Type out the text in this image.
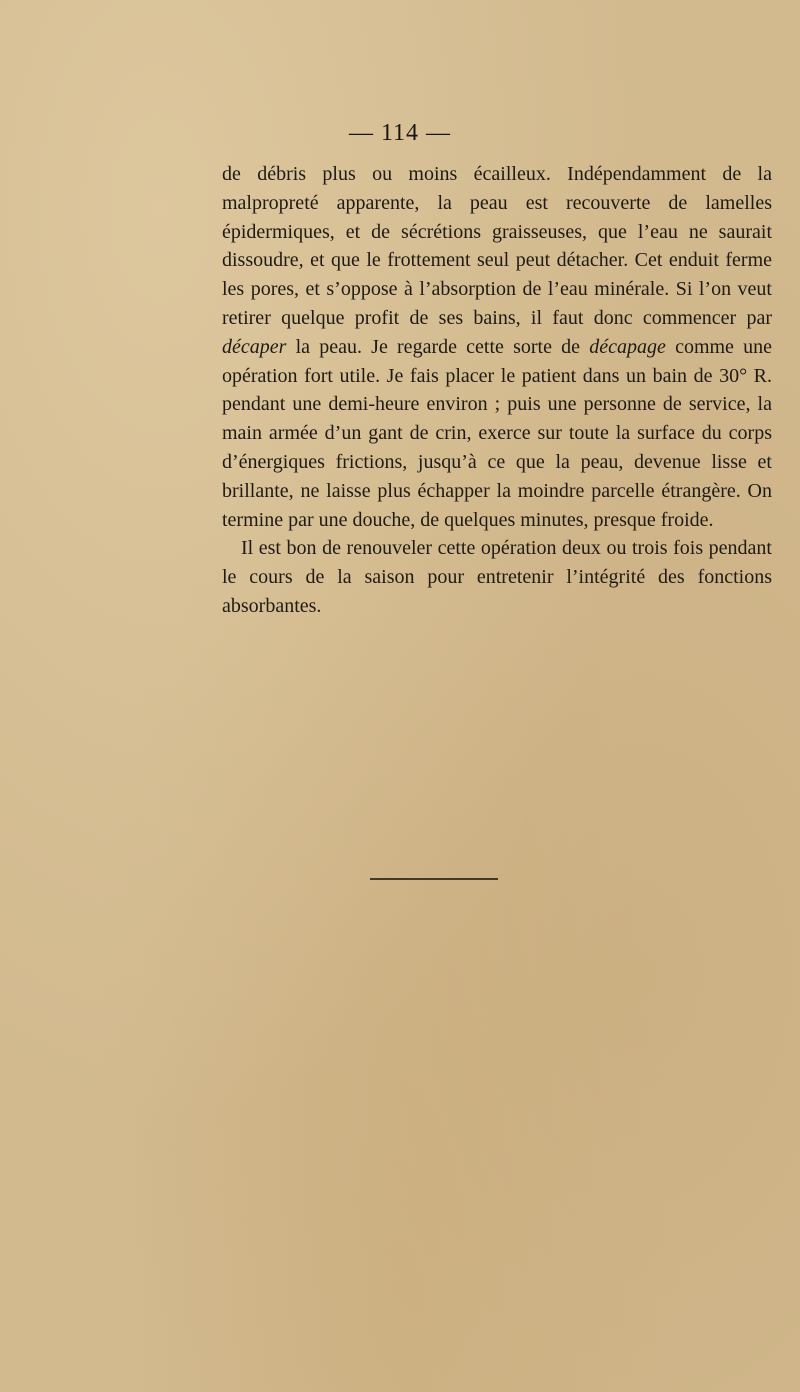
— 114 —

de débris plus ou moins écailleux. Indépendamment de la malpropreté apparente, la peau est recouverte de lamelles épidermiques, et de sécrétions graisseuses, que l’eau ne saurait dissoudre, et que le frottement seul peut détacher. Cet enduit ferme les pores, et s’oppose à l’absorption de l’eau minérale. Si l’on veut retirer quelque profit de ses bains, il faut donc commencer par décaper la peau. Je regarde cette sorte de décapage comme une opération fort utile. Je fais placer le patient dans un bain de 30° R. pendant une demi-heure environ ; puis une personne de service, la main armée d’un gant de crin, exerce sur toute la surface du corps d’énergiques frictions, jusqu’à ce que la peau, devenue lisse et brillante, ne laisse plus échapper la moindre parcelle étrangère. On termine par une douche, de quelques minutes, presque froide.

Il est bon de renouveler cette opération deux ou trois fois pendant le cours de la saison pour entretenir l’intégrité des fonctions absorbantes.
